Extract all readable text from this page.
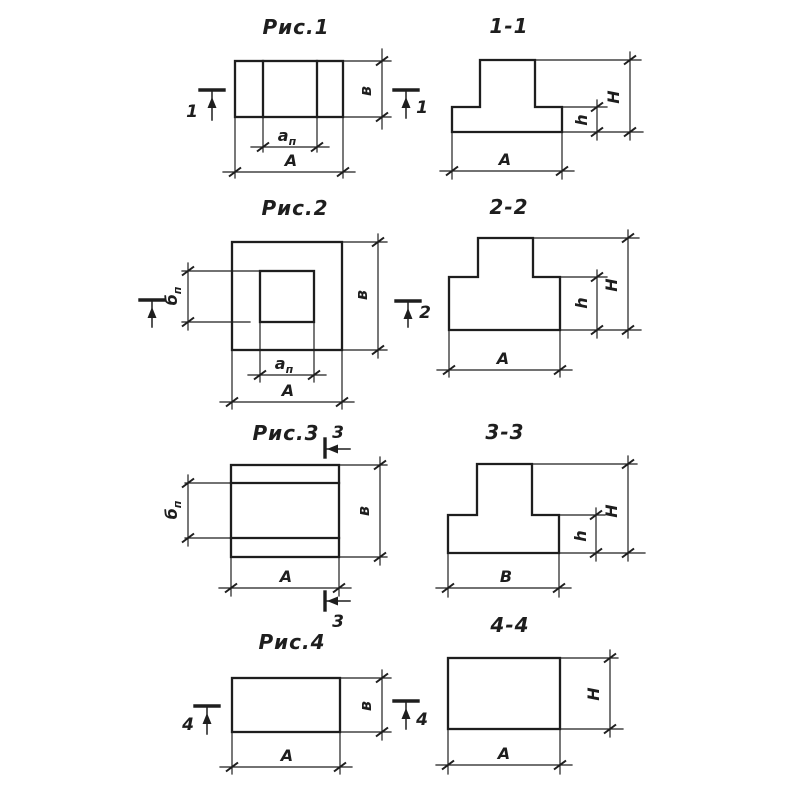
Рис.1
$a_п$
A
в
1	1
1-1
H
h
A
Рис.2
$б_п$
2
$a_п$
A
в
2-2
H
h
A
Рис.3 3
$б_п$
A
в
3
3-3
H
h
В
Рис.4
A
в
4	4
4-4
H
A
